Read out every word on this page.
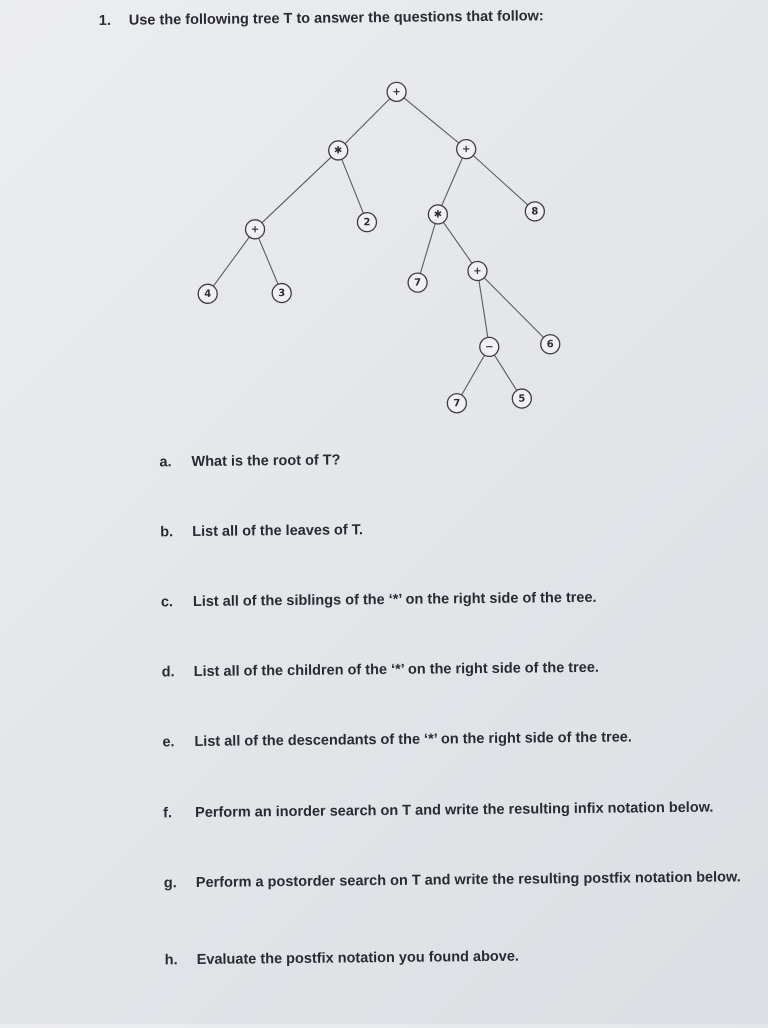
1. Use the following tree T to answer the questions that follow:
+
✱	+
+
2
✱	8
4	3
7
+
−	6
7	5
a. What is the root of T?
b. List all of the leaves of T.
c. List all of the siblings of the ‘*’ on the right side of the tree.
d. List all of the children of the ‘*’ on the right side of the tree.
e. List all of the descendants of the ‘*’ on the right side of the tree.
f. Perform an inorder search on T and write the resulting infix notation below.
g. Perform a postorder search on T and write the resulting postfix notation below.
h. Evaluate the postfix notation you found above.
